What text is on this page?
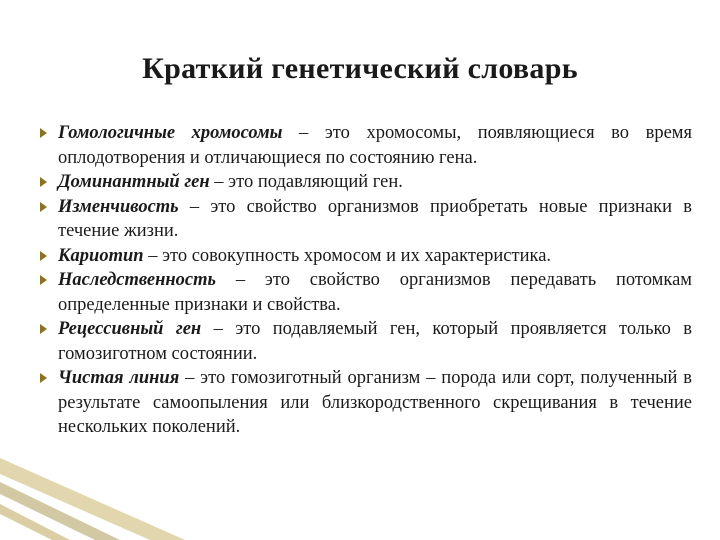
Краткий генетический словарь
Гомологичные хромосомы – это хромосомы, появляющиеся во время оплодотворения и отличающиеся по состоянию гена.
Доминантный ген – это подавляющий ген.
Изменчивость – это свойство организмов приобретать новые признаки в течение жизни.
Кариотип – это совокупность хромосом и их характеристика.
Наследственность – это свойство организмов передавать потомкам определенные признаки и свойства.
Рецессивный ген – это подавляемый ген, который проявляется только в гомозиготном состоянии.
Чистая линия – это гомозиготный организм – порода или сорт, полученный в результате самоопыления или близкородственного скрещивания в течение нескольких поколений.
